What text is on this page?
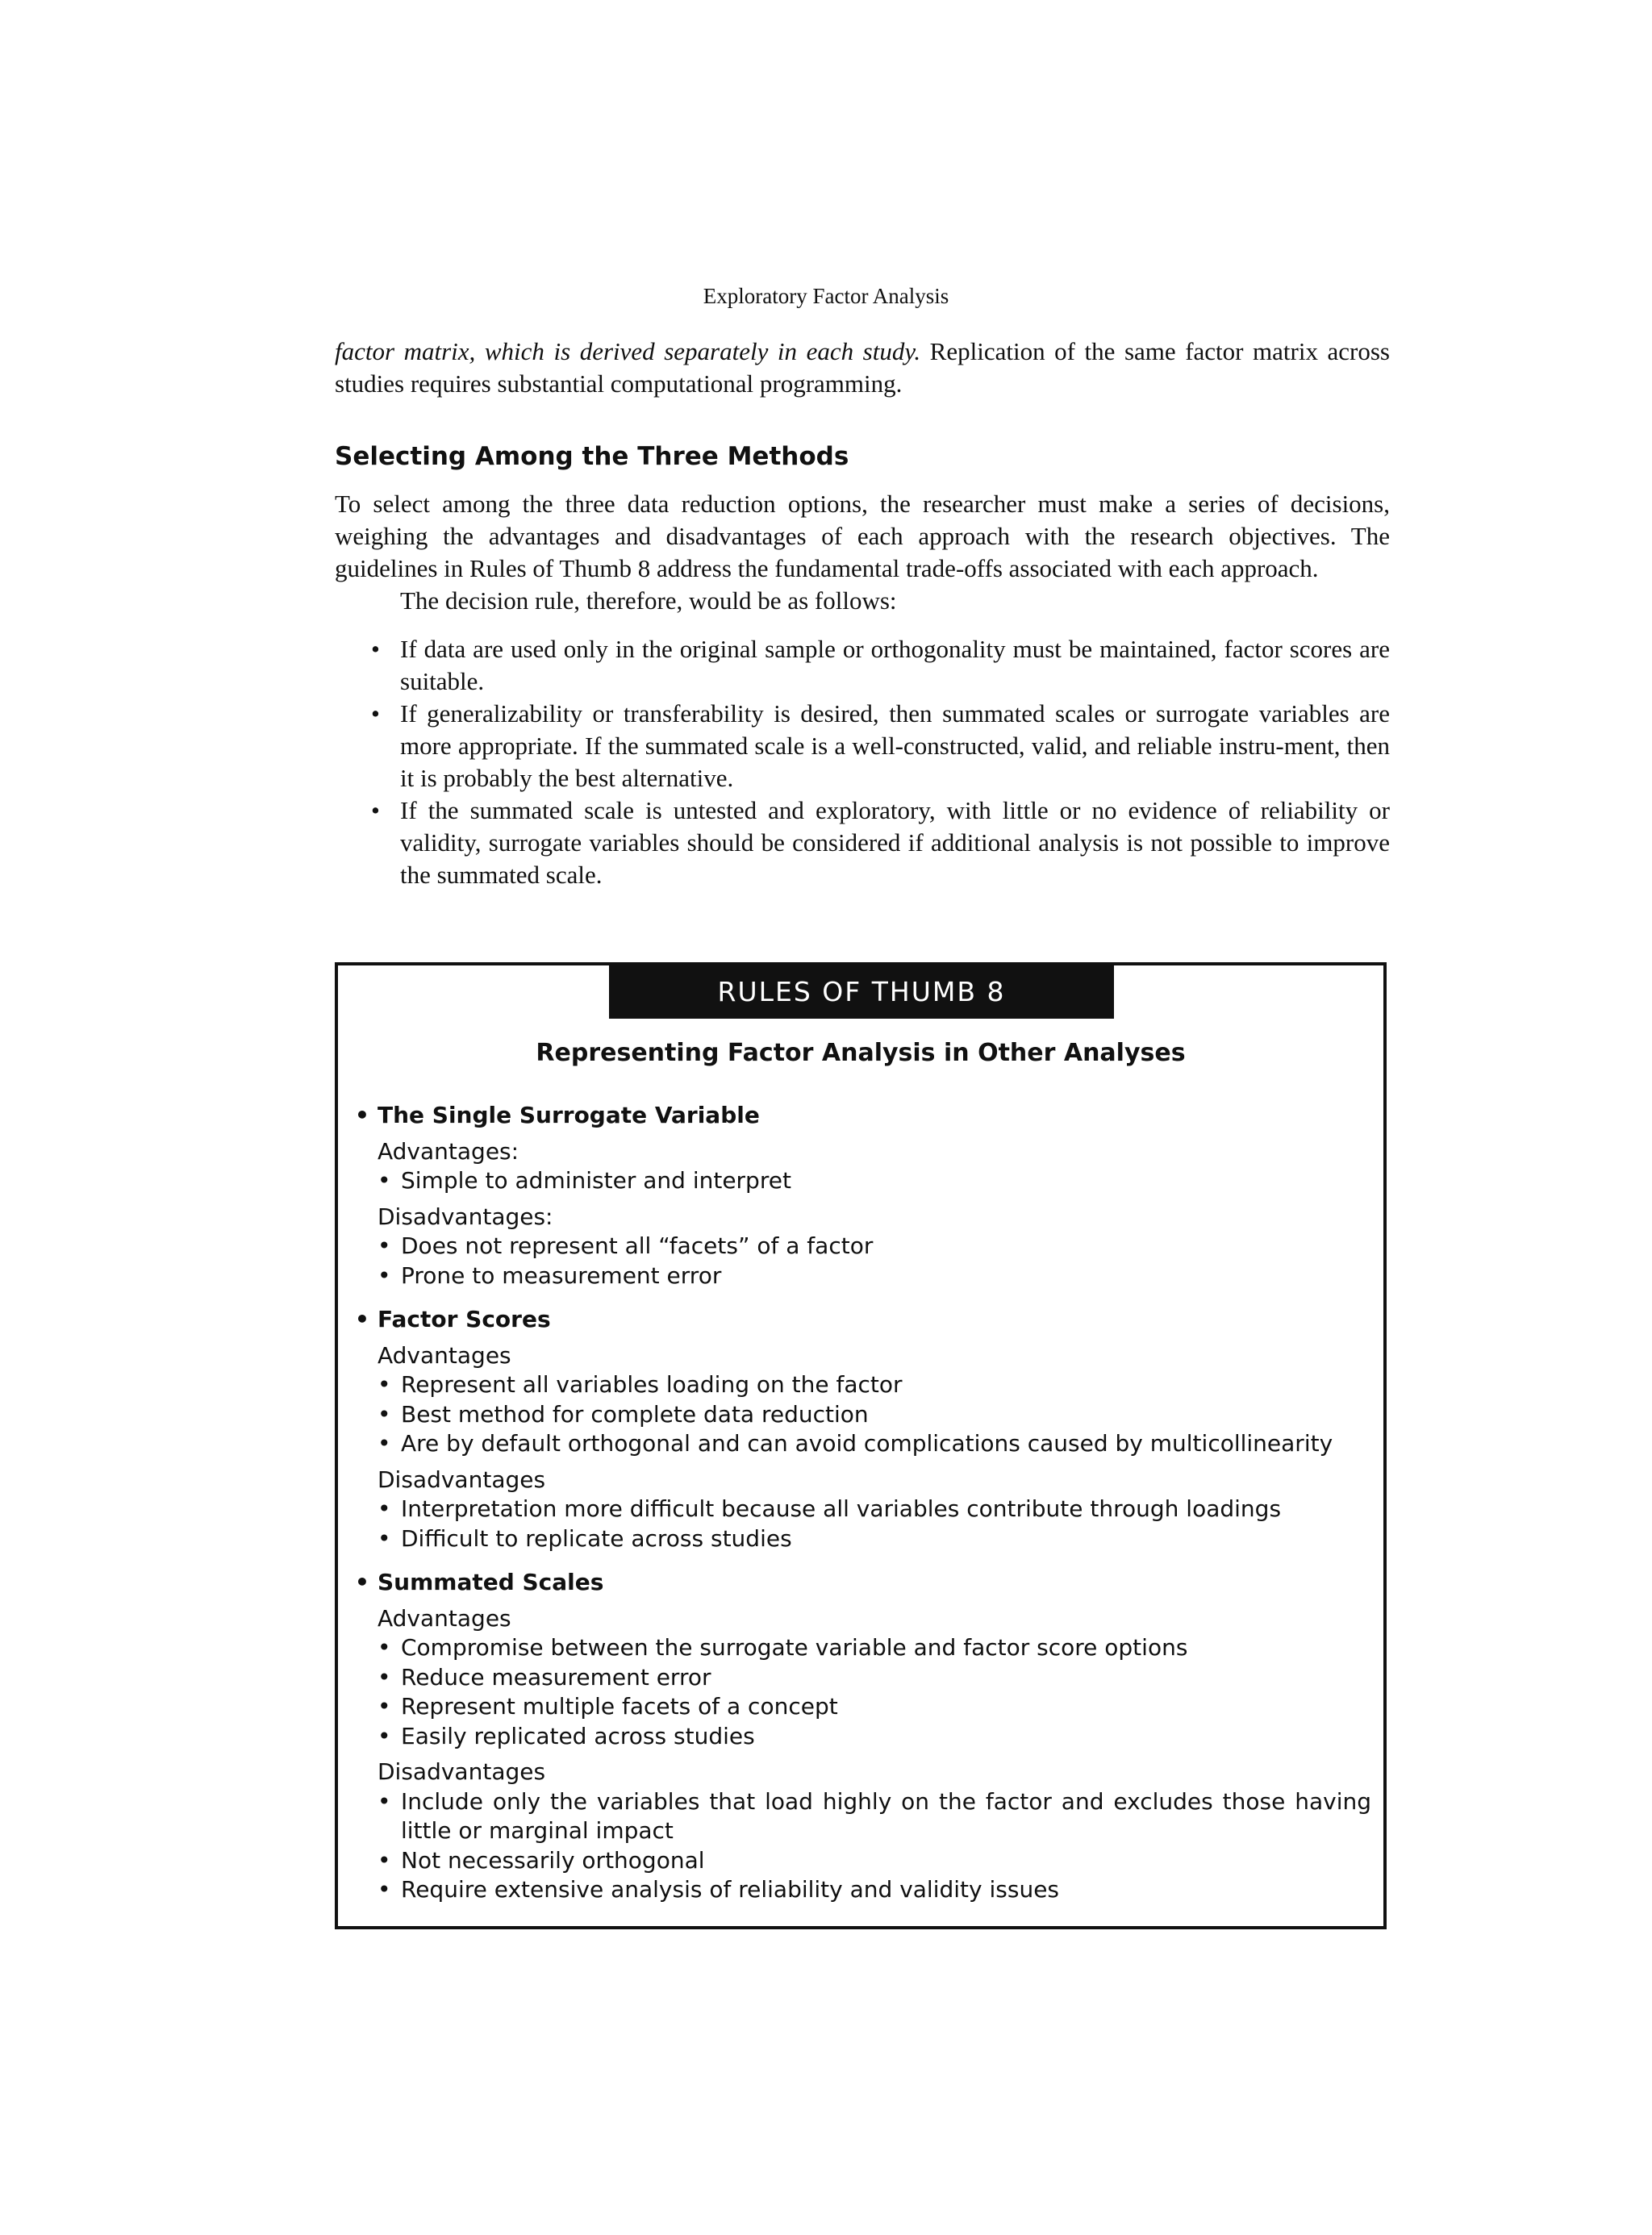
Exploratory Factor Analysis

factor matrix, which is derived separately in each study. Replication of the same factor matrix across studies requires substantial computational programming.

Selecting Among the Three Methods

To select among the three data reduction options, the researcher must make a series of decisions, weighing the advantages and disadvantages of each approach with the research objectives. The guidelines in Rules of Thumb 8 address the fundamental trade-offs associated with each approach.

The decision rule, therefore, would be as follows:

• If data are used only in the original sample or orthogonality must be maintained, factor scores are suitable.
• If generalizability or transferability is desired, then summated scales or surrogate variables are more appropriate. If the summated scale is a well-constructed, valid, and reliable instru-ment, then it is probably the best alternative.
• If the summated scale is untested and exploratory, with little or no evidence of reliability or validity, surrogate variables should be considered if additional analysis is not possible to improve the summated scale.
RULES OF THUMB 8
Representing Factor Analysis in Other Analyses
• The Single Surrogate Variable
Advantages:
• Simple to administer and interpret
Disadvantages:
• Does not represent all “facets” of a factor
• Prone to measurement error
• Factor Scores
Advantages
• Represent all variables loading on the factor
• Best method for complete data reduction
• Are by default orthogonal and can avoid complications caused by multicollinearity
Disadvantages
• Interpretation more difficult because all variables contribute through loadings
• Difficult to replicate across studies
• Summated Scales
Advantages
• Compromise between the surrogate variable and factor score options
• Reduce measurement error
• Represent multiple facets of a concept
• Easily replicated across studies
Disadvantages
• Include only the variables that load highly on the factor and excludes those having little or marginal impact
• Not necessarily orthogonal
• Require extensive analysis of reliability and validity issues
